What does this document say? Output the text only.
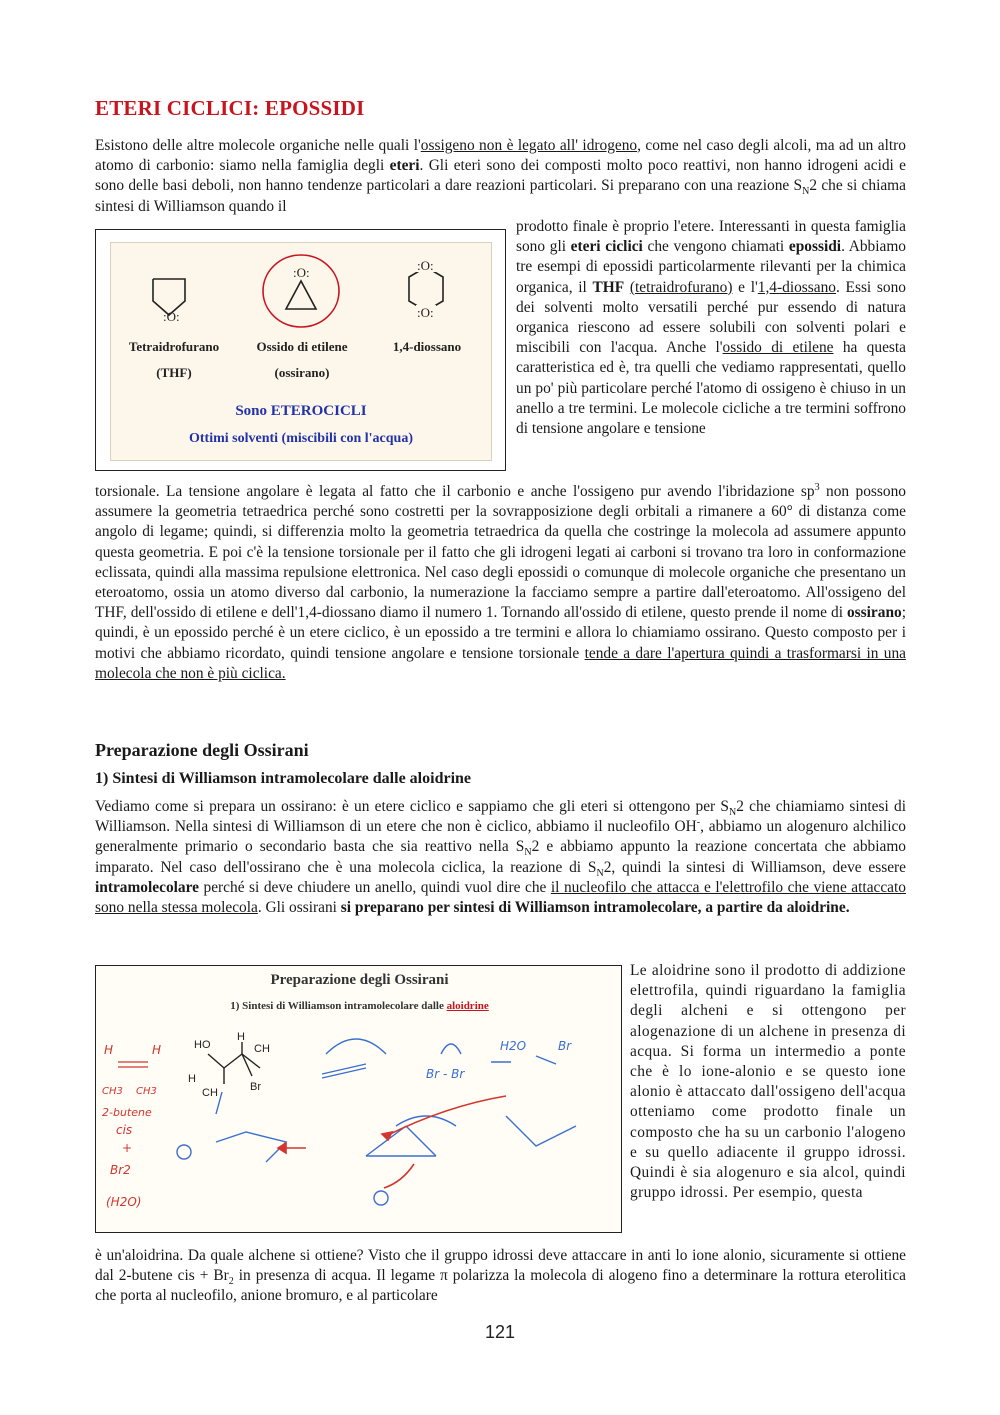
ETERI CICLICI: EPOSSIDI

Esistono delle altre molecole organiche nelle quali l'ossigeno non è legato all' idrogeno, come nel caso degli alcoli, ma ad un altro atomo di carbonio: siamo nella famiglia degli eteri. Gli eteri sono dei composti molto poco reattivi, non hanno idrogeni acidi e sono delle basi deboli, non hanno tendenze particolari a dare reazioni particolari. Si preparano con una reazione $S_N2$ che si chiama sintesi di Williamson quando il

:O:
:O:	:O:
:O:
Tetraidrofurano
(THF)
Ossido di etilene
(ossirano)
1,4-diossano
Sono ETEROCICLI
Ottimi solventi (miscibili con l'acqua)

prodotto finale è proprio l'etere. Interessanti in questa famiglia sono gli eteri ciclici che vengono chiamati epossidi. Abbiamo tre esempi di epossidi particolarmente rilevanti per la chimica organica, il THF (tetraidrofurano) e l'1,4-diossano. Essi sono dei solventi molto versatili perché pur essendo di natura organica riescono ad essere solubili con solventi polari e miscibili con l'acqua. Anche l'ossido di etilene ha questa caratteristica ed è, tra quelli che vediamo rappresentati, quello un po' più particolare perché l'atomo di ossigeno è chiuso in un anello a tre termini. Le molecole cicliche a tre termini soffrono di tensione angolare e tensione

torsionale. La tensione angolare è legata al fatto che il carbonio e anche l'ossigeno pur avendo l'ibridazione $sp^3$ non possono assumere la geometria tetraedrica perché sono costretti per la sovrapposizione degli orbitali a rimanere a 60° di distanza come angolo di legame; quindi, si differenzia molto la geometria tetraedrica da quella che costringe la molecola ad assumere appunto questa geometria. E poi c'è la tensione torsionale per il fatto che gli idrogeni legati ai carboni si trovano tra loro in conformazione eclissata, quindi alla massima repulsione elettronica. Nel caso degli epossidi o comunque di molecole organiche che presentano un eteroatomo, ossia un atomo diverso dal carbonio, la numerazione la facciamo sempre a partire dall'eteroatomo. All'ossigeno del THF, dell'ossido di etilene e dell'1,4-diossano diamo il numero 1. Tornando all'ossido di etilene, questo prende il nome di ossirano; quindi, è un epossido perché è un etere ciclico, è un epossido a tre termini e allora lo chiamiamo ossirano. Questo composto per i motivi che abbiamo ricordato, quindi tensione angolare e tensione torsionale tende a dare l'apertura quindi a trasformarsi in una molecola che non è più ciclica.

Preparazione degli Ossirani
1) Sintesi di Williamson intramolecolare dalle aloidrine

Vediamo come si prepara un ossirano: è un etere ciclico e sappiamo che gli eteri si ottengono per $S_N2$ che chiamiamo sintesi di Williamson. Nella sintesi di Williamson di un etere che non è ciclico, abbiamo il nucleofilo OH-, abbiamo un alogenuro alchilico generalmente primario o secondario basta che sia reattivo nella $S_N2$ e abbiamo appunto la reazione concertata che abbiamo imparato. Nel caso dell'ossirano che è una molecola ciclica, la reazione di $S_N2$, quindi la sintesi di Williamson, deve essere intramolecolare perché si deve chiudere un anello, quindi vuol dire che il nucleofilo che attacca e l'elettrofilo che viene attaccato sono nella stessa molecola. Gli ossirani si preparano per sintesi di Williamson intramolecolare, a partire da aloidrine.

Preparazione degli Ossirani
1) Sintesi di Williamson intramolecolare dalle aloidrine
HO
H
CH
H
CH	Br
H	H
CH3 CH3
2-butene
cis
+
Br2
(H2O)
Br - Br
H2O	Br

Le aloidrine sono il prodotto di addizione elettrofila, quindi riguardano la famiglia degli alcheni e si ottengono per alogenazione di un alchene in presenza di acqua. Si forma un intermedio a ponte che è lo ione-alonio e se questo ione alonio è attaccato dall'ossigeno dell'acqua otteniamo come prodotto finale un composto che ha su un carbonio l'alogeno e su quello adiacente il gruppo idrossi. Quindi è sia alogenuro e sia alcol, quindi gruppo idrossi. Per esempio, questa

è un'aloidrina. Da quale alchene si ottiene? Visto che il gruppo idrossi deve attaccare in anti lo ione alonio, sicuramente si ottiene dal 2-butene cis + $Br_2$ in presenza di acqua. Il legame π polarizza la molecola di alogeno fino a determinare la rottura eterolitica che porta al nucleofilo, anione bromuro, e al particolare

121
